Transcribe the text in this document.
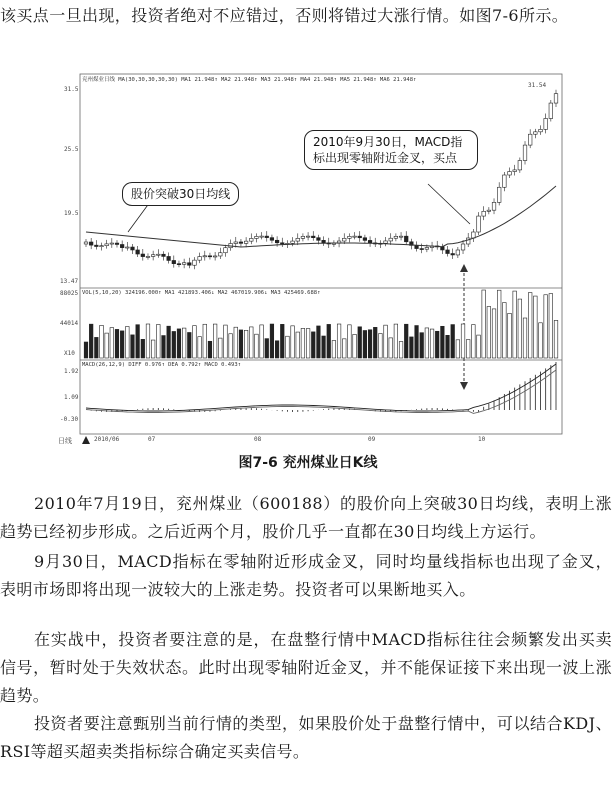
该买点一旦出现，投资者绝对不应错过，否则将错过大涨行情。如图7-6所示。
兖州煤业日线 MA(30,30,30,30,30) MA1 21.948↑ MA2 21.948↑ MA3 21.948↑ MA4 21.948↑ MA5 21.948↑ MA6 21.948↑
VOL(5,10,20) 324196.000↑ MA1 421893.406↓ MA2 467019.906↓ MA3 425469.688↑
MACD(26,12,9) DIFF 0.976↑ DEA 0.792↑ MACD 0.493↑
31.5
25.5
19.5
13.47
88025
44014
X10
1.92
1.09
-0.30
日线	2010/06	07	08	09	10
31.54
股价突破30日均线
2010年9月30日，MACD指标出现零轴附近金叉，买点
图7-6 兖州煤业日K线
2010年7月19日，兖州煤业（600188）的股价向上突破30日均线，表明上涨趋势已经初步形成。之后近两个月，股价几乎一直都在30日均线上方运行。
9月30日，MACD指标在零轴附近形成金叉，同时均量线指标也出现了金叉，表明市场即将出现一波较大的上涨走势。投资者可以果断地买入。
在实战中，投资者要注意的是，在盘整行情中MACD指标往往会频繁发出买卖信号，暂时处于失效状态。此时出现零轴附近金叉，并不能保证接下来出现一波上涨趋势。
投资者要注意甄别当前行情的类型，如果股价处于盘整行情中，可以结合KDJ、RSI等超买超卖类指标综合确定买卖信号。
